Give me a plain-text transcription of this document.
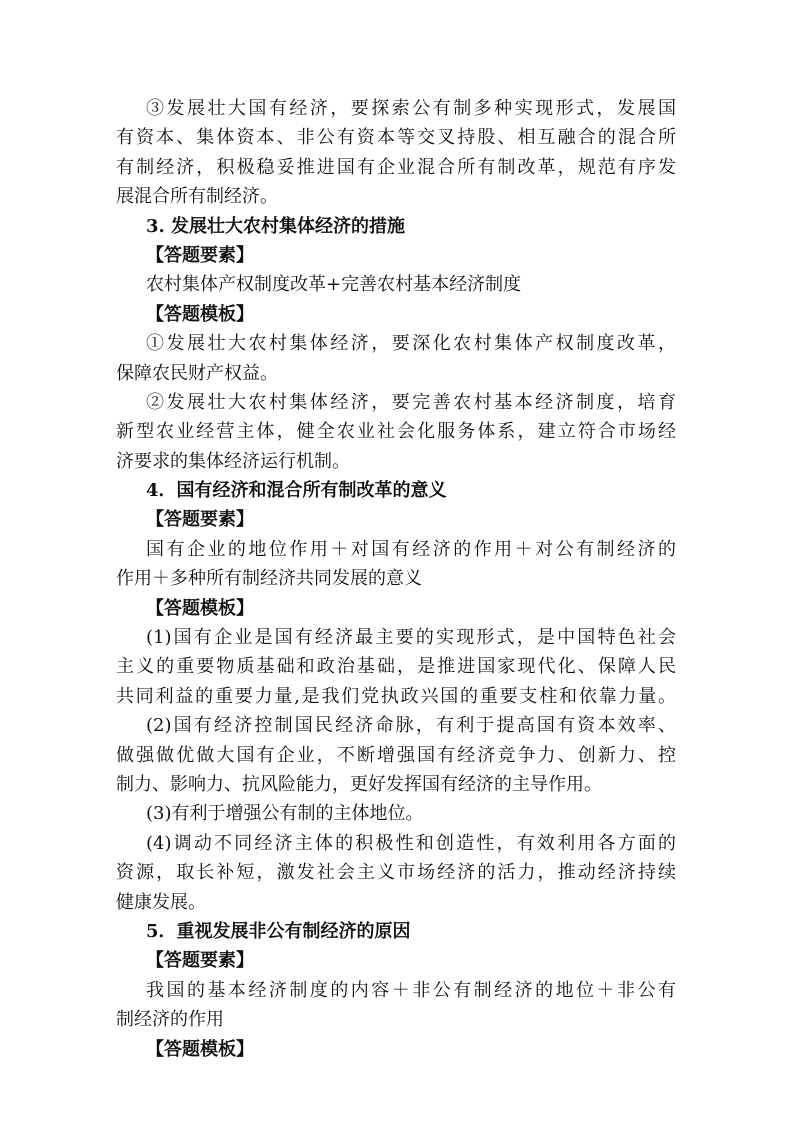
③发展壮大国有经济，要探索公有制多种实现形式，发展国
有资本、集体资本、非公有资本等交叉持股、相互融合的混合所
有制经济，积极稳妥推进国有企业混合所有制改革，规范有序发
展混合所有制经济。
3. 发展壮大农村集体经济的措施
【答题要素】
农村集体产权制度改革+完善农村基本经济制度
【答题模板】
①发展壮大农村集体经济，要深化农村集体产权制度改革，
保障农民财产权益。
②发展壮大农村集体经济，要完善农村基本经济制度，培育
新型农业经营主体，健全农业社会化服务体系，建立符合市场经
济要求的集体经济运行机制。
4．国有经济和混合所有制改革的意义
【答题要素】
国有企业的地位作用＋对国有经济的作用＋对公有制经济的
作用＋多种所有制经济共同发展的意义
【答题模板】
(1)国有企业是国有经济最主要的实现形式，是中国特色社会
主义的重要物质基础和政治基础，是推进国家现代化、保障人民
共同利益的重要力量,是我们党执政兴国的重要支柱和依靠力量。
(2)国有经济控制国民经济命脉，有利于提高国有资本效率、
做强做优做大国有企业，不断增强国有经济竞争力、创新力、控
制力、影响力、抗风险能力，更好发挥国有经济的主导作用。
(3)有利于增强公有制的主体地位。
(4)调动不同经济主体的积极性和创造性，有效利用各方面的
资源，取长补短，激发社会主义市场经济的活力，推动经济持续
健康发展。
5．重视发展非公有制经济的原因
【答题要素】
我国的基本经济制度的内容＋非公有制经济的地位＋非公有
制经济的作用
【答题模板】
